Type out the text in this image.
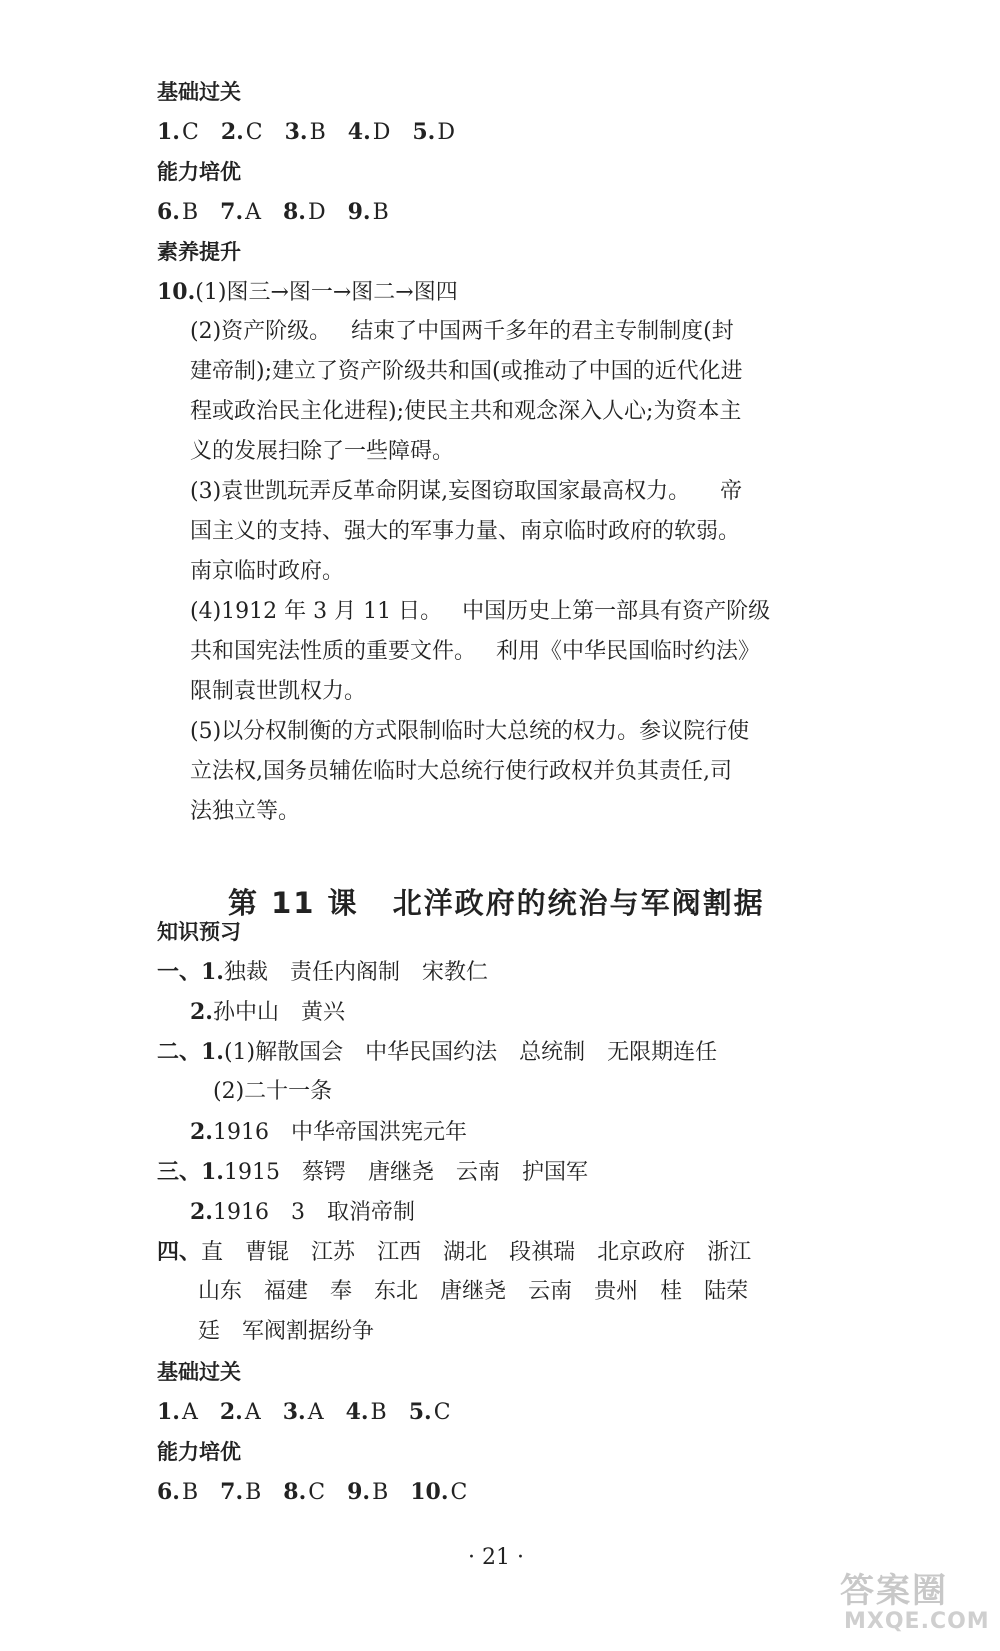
基础过关
1.C 2.C 3.B 4.D 5.D
能力培优
6.B 7.A 8.D 9.B
素养提升
10.(1)图三→图一→图二→图四
(2)资产阶级。 结束了中国两千多年的君主专制制度(封
建帝制);建立了资产阶级共和国(或推动了中国的近代化进
程或政治民主化进程);使民主共和观念深入人心;为资本主
义的发展扫除了一些障碍。
(3)袁世凯玩弄反革命阴谋,妄图窃取国家最高权力。 帝
国主义的支持、强大的军事力量、南京临时政府的软弱。
南京临时政府。
(4)1912 年 3 月 11 日。 中国历史上第一部具有资产阶级
共和国宪法性质的重要文件。 利用《中华民国临时约法》
限制袁世凯权力。
(5)以分权制衡的方式限制临时大总统的权力。参议院行使
立法权,国务员辅佐临时大总统行使行政权并负其责任,司
法独立等。
第 11 课 北洋政府的统治与军阀割据
知识预习
一、1.独裁 责任内阁制 宋教仁
2.孙中山 黄兴
二、1.(1)解散国会 中华民国约法 总统制 无限期连任
(2)二十一条
2.1916 中华帝国洪宪元年
三、1.1915 蔡锷 唐继尧 云南 护国军
2.1916 3 取消帝制
四、直 曹锟 江苏 江西 湖北 段祺瑞 北京政府 浙江
山东 福建 奉 东北 唐继尧 云南 贵州 桂 陆荣
廷 军阀割据纷争
基础过关
1.A 2.A 3.A 4.B 5.C
能力培优
6.B 7.B 8.C 9.B 10.C
· 21 ·
答案圈
MXQE.COM
